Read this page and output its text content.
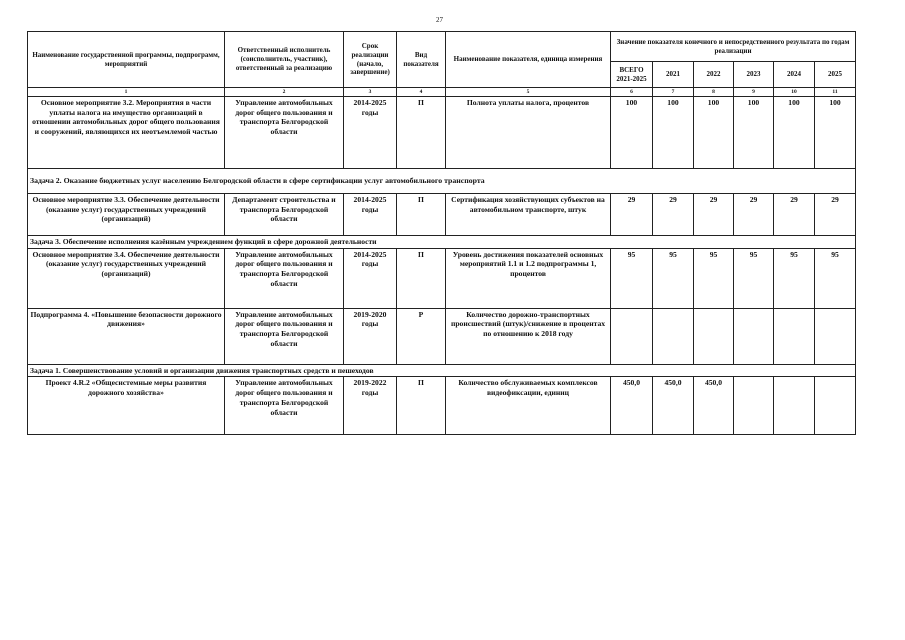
27
Наименование государственной программы, подпрограмм, мероприятий	Ответственный исполнитель (соисполнитель, участник), ответственный за реализацию	Срок реализации (начало, завершение)	Вид показателя	Наименование показателя, единица измерения	Значение показателя конечного и непосредственного результата по годам реализации					
					ВСЕГО 2021-2025	2021	2022	2023	2024	2025
1	2	3	4	5	6	7	8	9	10	11
Основное мероприятие 3.2. Мероприятия в части уплаты налога на имущество организаций в отношении автомобильных дорог общего пользования и сооружений, являющихся их неотъемлемой частью	Управление автомобильных дорог общего пользования и транспорта Белгородской области	2014-2025 годы	П	Полнота уплаты налога, процентов	100	100	100	100	100	100
Задача 2. Оказание бюджетных услуг населению Белгородской области в сфере сертификации услуг автомобильного транспорта										
Основное мероприятие 3.3. Обеспечение деятельности (оказание услуг) государственных учреждений (организаций)	Департамент строительства и транспорта Белгородской области	2014-2025 годы	П	Сертификация хозяйствующих субъектов на автомобильном транспорте, штук	29	29	29	29	29	29
Задача 3. Обеспечение исполнения казённым учреждением функций в сфере дорожной деятельности										
Основное мероприятие 3.4. Обеспечение деятельности (оказание услуг) государственных учреждений (организаций)	Управление автомобильных дорог общего пользования и транспорта Белгородской области	2014-2025 годы	П	Уровень достижения показателей основных мероприятий 1.1 и 1.2 подпрограммы 1, процентов	95	95	95	95	95	95
Подпрограмма 4. «Повышение безопасности дорожного движения»	Управление автомобильных дорог общего пользования и транспорта Белгородской области	2019-2020 годы	Р	Количество дорожно-транспортных происшествий (штук)/снижение в процентах по отношению к 2018 году						
Задача 1. Совершенствование условий и организации движения транспортных средств и пешеходов										
Проект 4.R.2 «Общесистемные меры развития дорожного хозяйства»	Управление автомобильных дорог общего пользования и транспорта Белгородской области	2019-2022 годы	П	Количество обслуживаемых комплексов видеофиксации, единиц	450,0	450,0	450,0			
